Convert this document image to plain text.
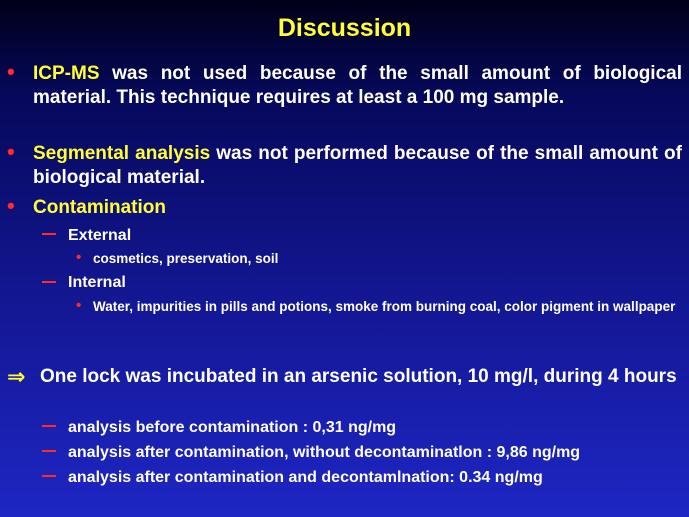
Discussion
• ICP-MS was not used because of the small amount of biological material. This technique requires at least a 100 mg sample.
• Segmental analysis was not performed because of the small amount of biological material.
• Contamination
External
• cosmetics, preservation, soil
Internal
• Water, impurities in pills and potions, smoke from burning coal, color pigment in wallpaper
⇒ One lock was incubated in an arsenic solution, 10 mg/l, during 4 hours
analysis before contamination : 0,31 ng/mg
analysis after contamination, without decontaminatlon : 9,86 ng/mg
analysis after contamination and decontamlnation: 0.34 ng/mg
